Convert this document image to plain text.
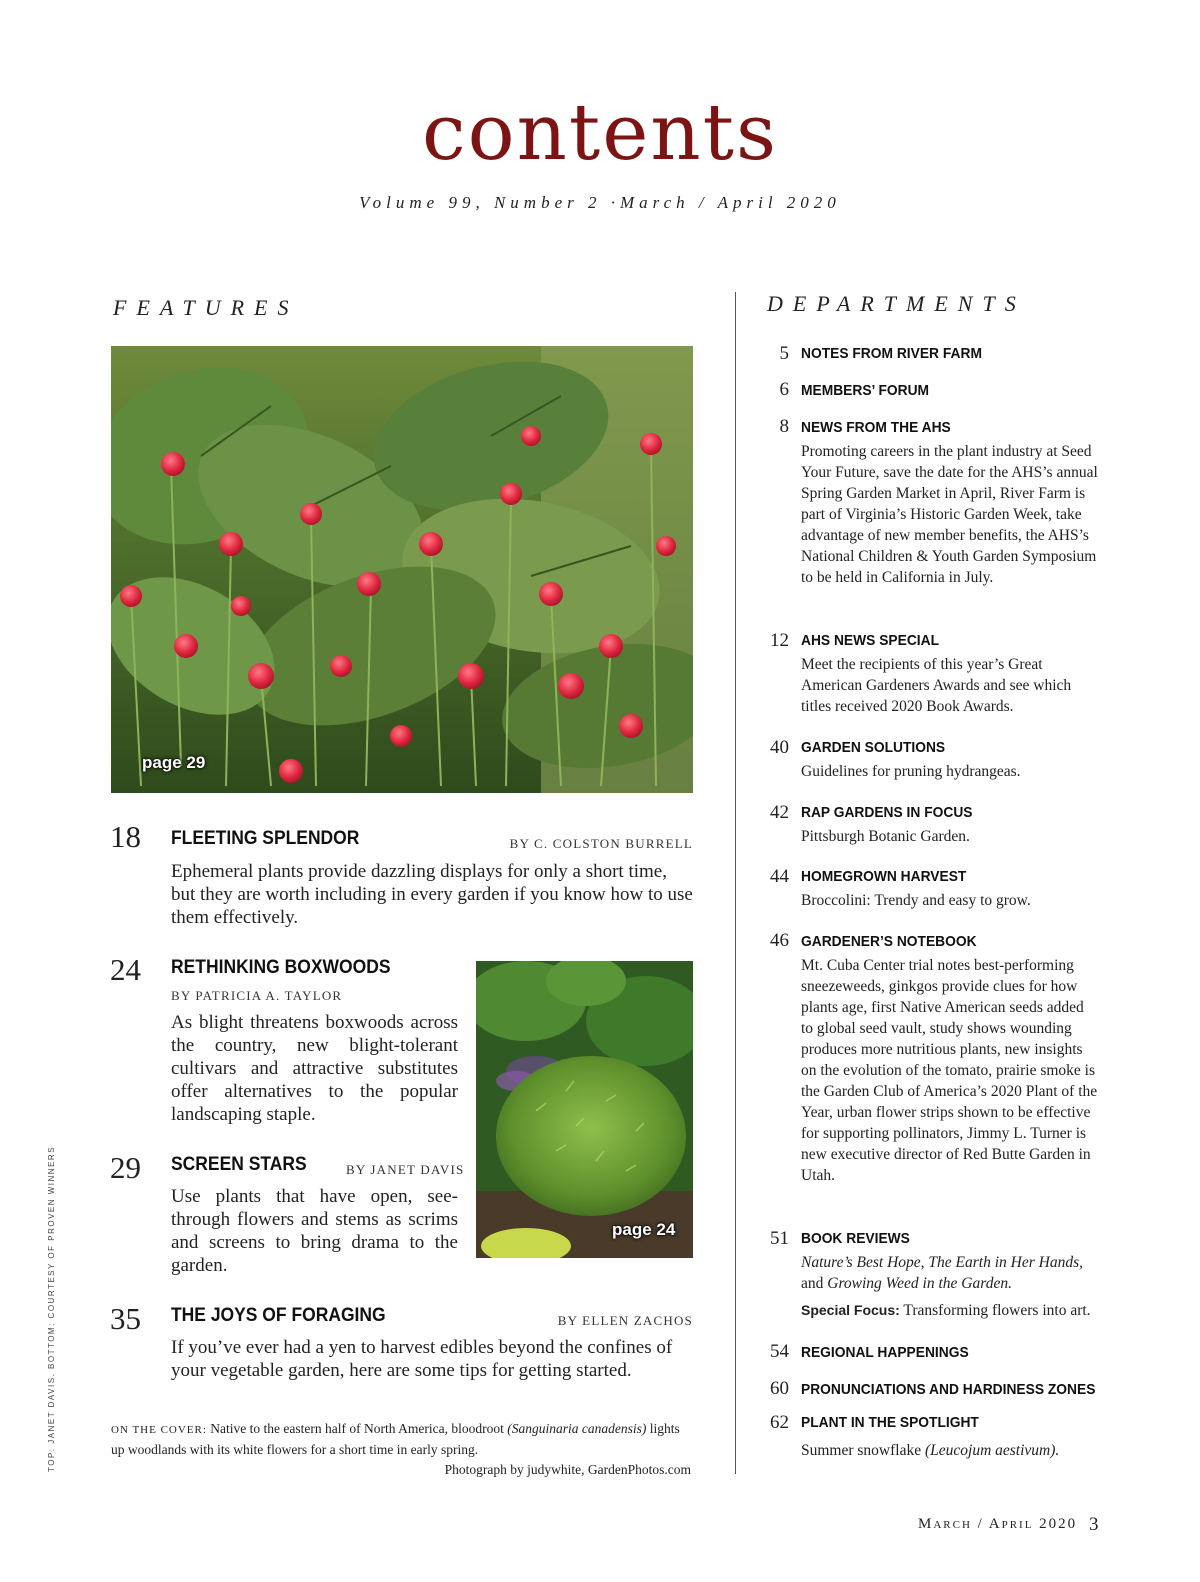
contents
Volume 99, Number 2 ·March / April 2020
FEATURES	DEPARTMENTS
page 29
18 FLEETING SPLENDOR	BY C. COLSTON BURRELL
Ephemeral plants provide dazzling displays for only a short time, but they are worth including in every garden if you know how to use them effectively.
24 RETHINKING BOXWOODS
BY PATRICIA A. TAYLOR
As blight threatens boxwoods across the country, new blight-tolerant cultivars and attractive substitutes offer alternatives to the popular landscaping staple.
page 24
29 SCREEN STARS	BY JANET DAVIS
Use plants that have open, see-through flowers and stems as scrims and screens to bring drama to the garden.
35 THE JOYS OF FORAGING	BY ELLEN ZACHOS
If you’ve ever had a yen to harvest edibles beyond the confines of your vegetable garden, here are some tips for getting started.
ON THE COVER: Native to the eastern half of North America, bloodroot (Sanguinaria canadensis) lights up woodlands with its white flowers for a short time in early spring.
Photograph by judywhite, GardenPhotos.com
5 NOTES FROM RIVER FARM
6 MEMBERS’ FORUM
8 NEWS FROM THE AHS
Promoting careers in the plant industry at Seed Your Future, save the date for the AHS’s annual Spring Garden Market in April, River Farm is part of Virginia’s Historic Garden Week, take advantage of new member benefits, the AHS’s National Children & Youth Garden Symposium to be held in California in July.
12 AHS NEWS SPECIAL
Meet the recipients of this year’s Great American Gardeners Awards and see which titles received 2020 Book Awards.
40 GARDEN SOLUTIONS
Guidelines for pruning hydrangeas.
42 RAP GARDENS IN FOCUS
Pittsburgh Botanic Garden.
44 HOMEGROWN HARVEST
Broccolini: Trendy and easy to grow.
46 GARDENER’S NOTEBOOK
Mt. Cuba Center trial notes best-performing sneezeweeds, ginkgos provide clues for how plants age, first Native American seeds added to global seed vault, study shows wounding produces more nutritious plants, new insights on the evolution of the tomato, prairie smoke is the Garden Club of America’s 2020 Plant of the Year, urban flower strips shown to be effective for supporting pollinators, Jimmy L. Turner is new executive director of Red Butte Garden in Utah.
51 BOOK REVIEWS
Nature’s Best Hope, The Earth in Her Hands, and Growing Weed in the Garden.
Special Focus: Transforming flowers into art.
54 REGIONAL HAPPENINGS
60 PRONUNCIATIONS AND HARDINESS ZONES
62 PLANT IN THE SPOTLIGHT
Summer snowflake (Leucojum aestivum).
TOP: JANET DAVIS. BOTTOM: COURTESY OF PROVEN WINNERS
March / April 2020 3
